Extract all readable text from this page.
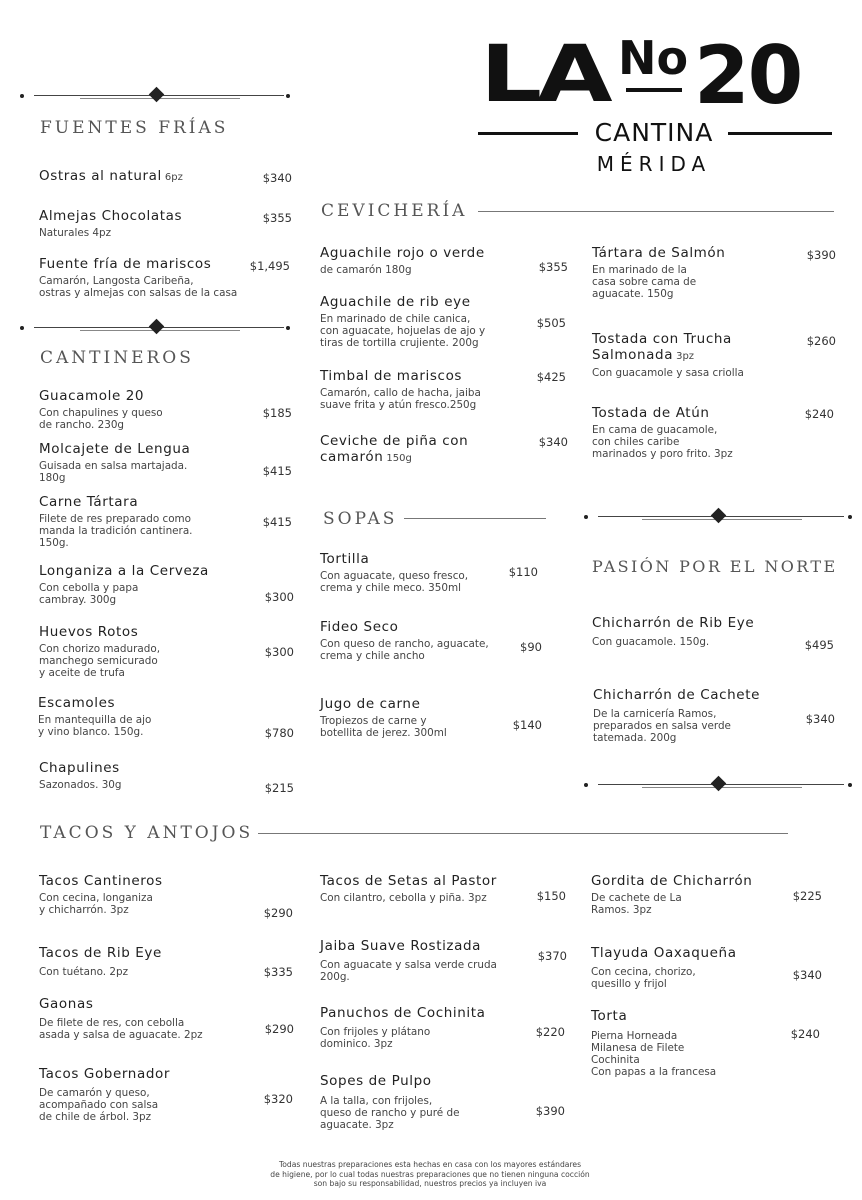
LA No 20
CANTINA
MÉRIDA
FUENTES FRÍAS
Ostras al natural 6pz	$340
Almejas Chocolatas
Naturales 4pz
$355
Fuente fría de mariscos
Camarón, Langosta Caribeña,
ostras y almejas con salsas de la casa
$1,495
CANTINEROS
Guacamole 20
Con chapulines y queso
de rancho. 230g
$185
Molcajete de Lengua
Guisada en salsa martajada.
180g	$415
Carne Tártara
Filete de res preparado como
manda la tradición cantinera.
150g.
$415
Longaniza a la Cerveza
Con cebolla y papa
cambray. 300g	$300
Huevos Rotos
Con chorizo madurado,
manchego semicurado
y aceite de trufa
$300
Escamoles
En mantequilla de ajo
y vino blanco. 150g.	$780
Chapulines
Sazonados. 30g	$215
CEVICHERÍA
Aguachile rojo o verde
de camarón 180g	$355
Aguachile de rib eye
En marinado de chile canica,
con aguacate, hojuelas de ajo y
tiras de tortilla crujiente. 200g
$505
Timbal de mariscos
Camarón, callo de hacha, jaiba
suave frita y atún fresco.250g
$425
Ceviche de piña con
camarón 150g
$340
Tártara de Salmón
En marinado de la
casa sobre cama de
aguacate. 150g
$390
Tostada con Trucha
Salmonada 3pz
Con guacamole y sasa criolla
$260
Tostada de Atún
En cama de guacamole,
con chiles caribe
marinados y poro frito. 3pz
$240
SOPAS
Tortilla
Con aguacate, queso fresco,
crema y chile meco. 350ml
$110
Fideo Seco
Con queso de rancho, aguacate,
crema y chile ancho
$90
Jugo de carne
Tropiezos de carne y
botellita de jerez. 300ml
$140
PASIÓN POR EL NORTE
Chicharrón de Rib Eye
Con guacamole. 150g.	$495
Chicharrón de Cachete
De la carnicería Ramos,
preparados en salsa verde
tatemada. 200g
$340
TACOS Y ANTOJOS
Tacos Cantineros
Con cecina, longaniza
y chicharrón. 3pz	$290
Tacos de Rib Eye
Con tuétano. 2pz	$335
Gaonas
De filete de res, con cebolla
asada y salsa de aguacate. 2pz	$290
Tacos Gobernador
De camarón y queso,
acompañado con salsa
de chile de árbol. 3pz
$320
Tacos de Setas al Pastor
Con cilantro, cebolla y piña. 3pz	$150
Jaiba Suave Rostizada
Con aguacate y salsa verde cruda
200g.
$370
Panuchos de Cochinita
Con frijoles y plátano
dominico. 3pz
$220
Sopes de Pulpo
A la talla, con frijoles,
queso de rancho y puré de
aguacate. 3pz
$390
Gordita de Chicharrón
De cachete de La
Ramos. 3pz
$225
Tlayuda Oaxaqueña
Con cecina, chorizo,
quesillo y frijol
$340
Torta
Pierna Horneada
Milanesa de Filete
Cochinita
Con papas a la francesa
$240
Todas nuestras preparaciones esta hechas en casa con los mayores estándares
de higiene, por lo cual todas nuestras preparaciones que no tienen ninguna cocción
son bajo su responsabilidad, nuestros precios ya incluyen iva
